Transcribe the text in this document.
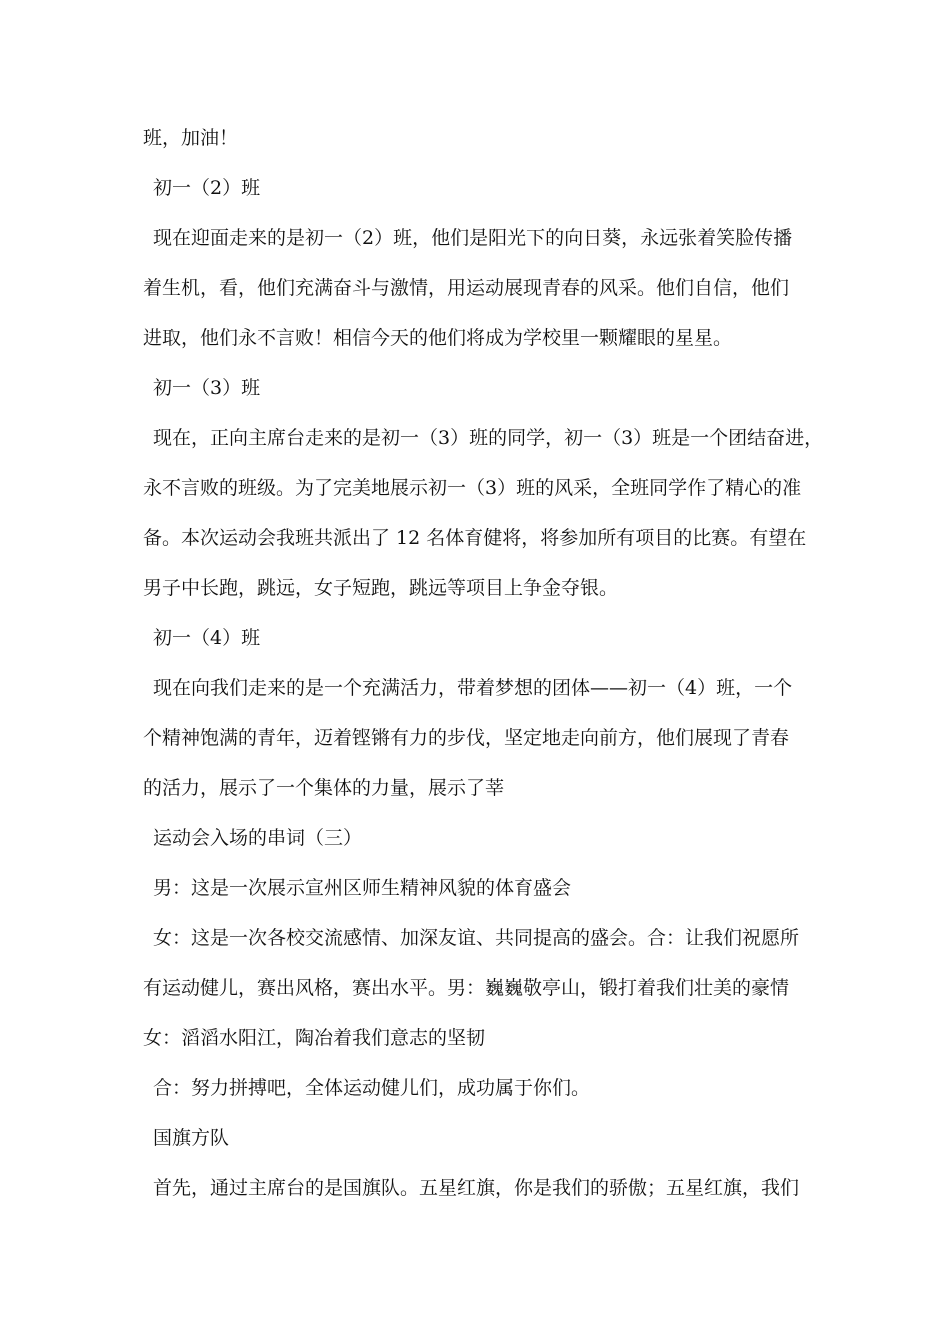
班，加油！

初一（2）班

现在迎面走来的是初一（2）班，他们是阳光下的向日葵，永远张着笑脸传播

着生机，看，他们充满奋斗与激情，用运动展现青春的风采。他们自信，他们

进取，他们永不言败！相信今天的他们将成为学校里一颗耀眼的星星。

初一（3）班

现在，正向主席台走来的是初一（3）班的同学，初一（3）班是一个团结奋进，

永不言败的班级。为了完美地展示初一（3）班的风采，全班同学作了精心的准

备。本次运动会我班共派出了 12 名体育健将，将参加所有项目的比赛。有望在

男子中长跑，跳远，女子短跑，跳远等项目上争金夺银。

初一（4）班

现在向我们走来的是一个充满活力，带着梦想的团体——初一（4）班，一个

个精神饱满的青年，迈着铿锵有力的步伐，坚定地走向前方，他们展现了青春

的活力，展示了一个集体的力量，展示了莘

运动会入场的串词（三）

男：这是一次展示宣州区师生精神风貌的体育盛会

女：这是一次各校交流感情、加深友谊、共同提高的盛会。合：让我们祝愿所

有运动健儿，赛出风格，赛出水平。男：巍巍敬亭山，锻打着我们壮美的豪情

女：滔滔水阳江，陶冶着我们意志的坚韧

合：努力拼搏吧，全体运动健儿们，成功属于你们。

国旗方队

首先，通过主席台的是国旗队。五星红旗，你是我们的骄傲；五星红旗，我们
